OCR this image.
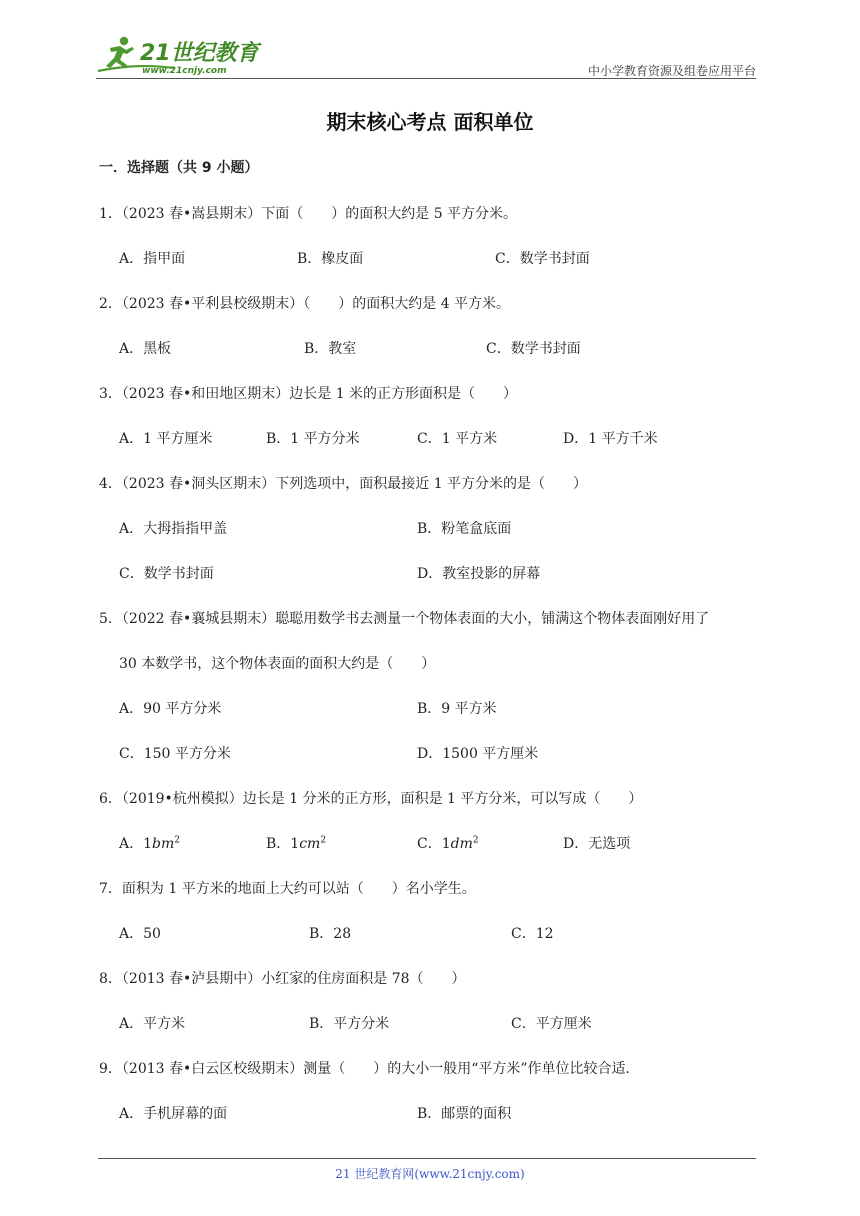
21世纪教育
www.21cnjy.com	中小学教育资源及组卷应用平台
期末核心考点 面积单位
一．选择题（共 9 小题）
1．（2023 春•嵩县期末）下面（　　）的面积大约是 5 平方分米。
A．指甲面	B．橡皮面	C．数学书封面
2．（2023 春•平利县校级期末）（　　）的面积大约是 4 平方米。
A．黑板	B．教室	C．数学书封面
3．（2023 春•和田地区期末）边长是 1 米的正方形面积是（　　）
A．1 平方厘米	B．1 平方分米	C．1 平方米	D．1 平方千米
4．（2023 春•洞头区期末）下列选项中，面积最接近 1 平方分米的是（　　）
A．大拇指指甲盖	B．粉笔盒底面
C．数学书封面	D．教室投影的屏幕
5．（2022 春•襄城县期末）聪聪用数学书去测量一个物体表面的大小，铺满这个物体表面刚好用了
30 本数学书，这个物体表面的面积大约是（　　）
A．90 平方分米	B．9 平方米
C．150 平方分米	D．1500 平方厘米
6．（2019•杭州模拟）边长是 1 分米的正方形，面积是 1 平方分米，可以写成（　　）
A．$1bm^2$	B．$1cm^2$	C．$1dm^2$	D．无选项
7．面积为 1 平方米的地面上大约可以站（　　）名小学生。
A．50	B．28	C．12
8．（2013 春•泸县期中）小红家的住房面积是 78（　　）
A．平方米	B．平方分米	C．平方厘米
9．（2013 春•白云区校级期末）测量（　　）的大小一般用“平方米”作单位比较合适．
A．手机屏幕的面	B．邮票的面积
21 世纪教育网(www.21cnjy.com)
